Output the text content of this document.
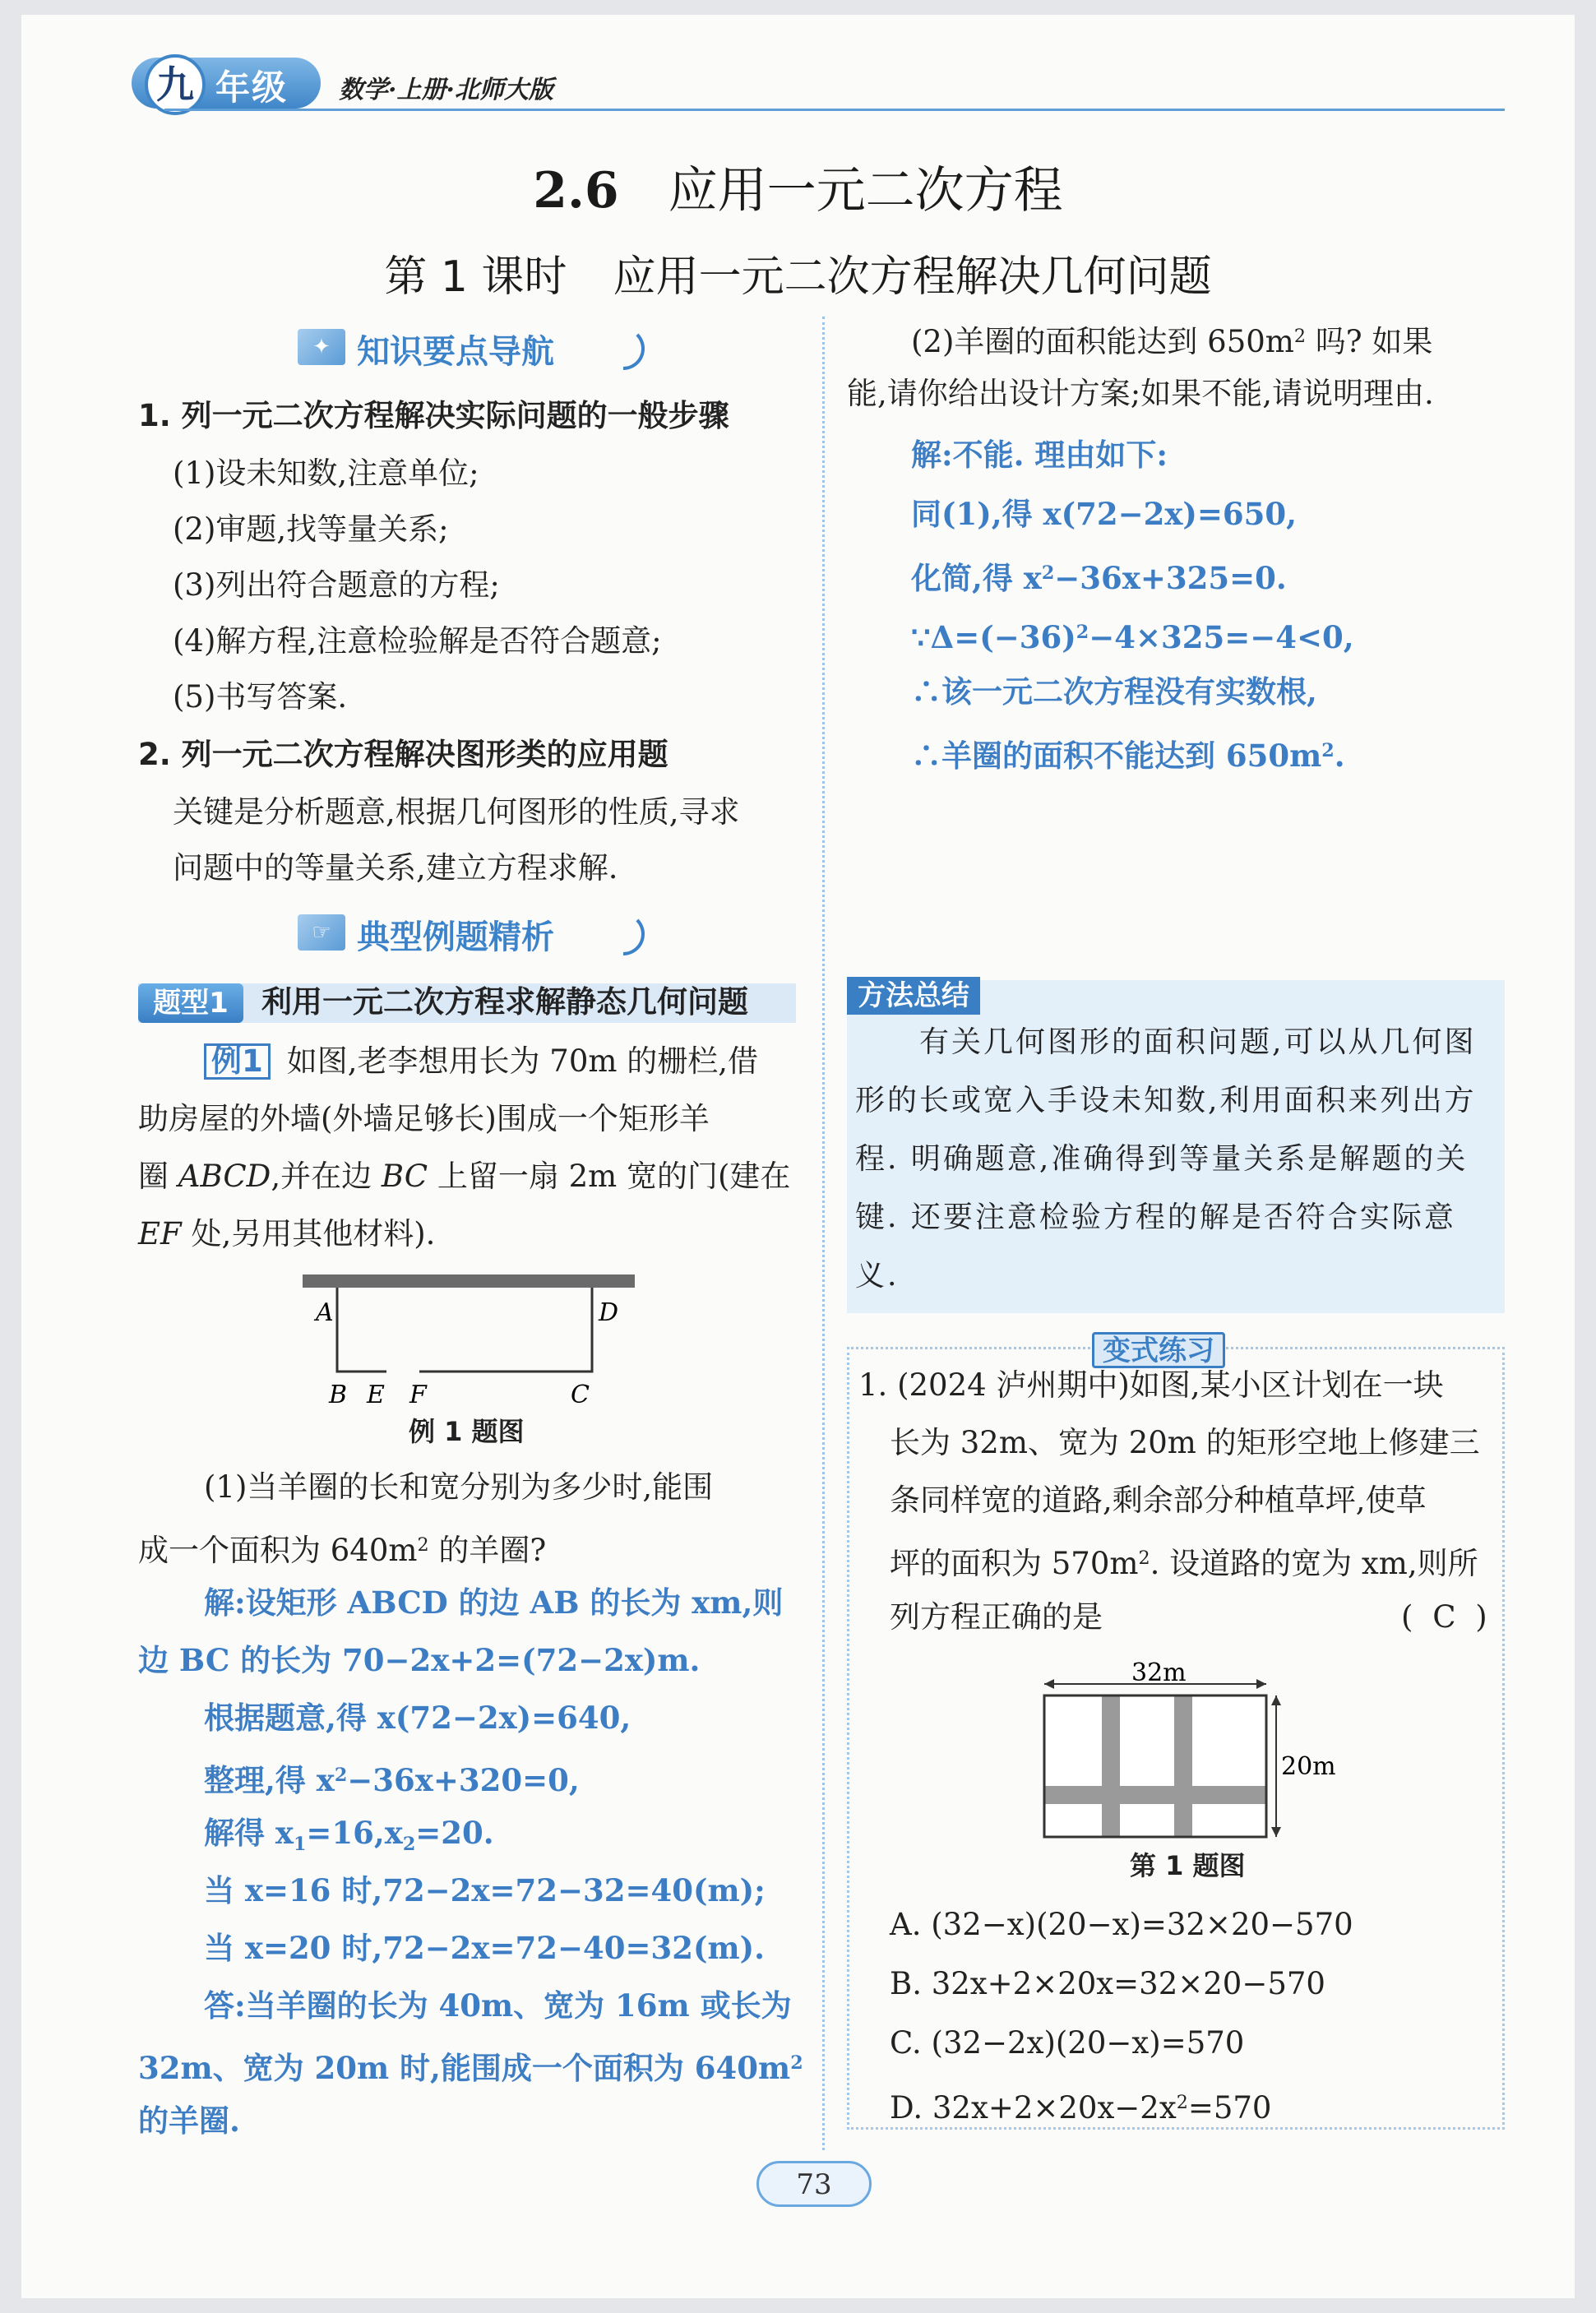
九 年级 数学·上册·北师大版
2.6 应用一元二次方程
第 1 课时 应用一元二次方程解决几何问题
✦ 知识要点导航
1. 列一元二次方程解决实际问题的一般步骤
(1)设未知数,注意单位;
(2)审题,找等量关系;
(3)列出符合题意的方程;
(4)解方程,注意检验解是否符合题意;
(5)书写答案.
2. 列一元二次方程解决图形类的应用题
关键是分析题意,根据几何图形的性质,寻求
问题中的等量关系,建立方程求解.
☞ 典型例题精析
题型1	利用一元二次方程求解静态几何问题
例1 如图,老李想用长为 70m 的栅栏,借
助房屋的外墙(外墙足够长)围成一个矩形羊
圈 ABCD,并在边 BC 上留一扇 2m 宽的门(建在
EF 处,另用其他材料).
A	D
B E F	C
例 1 题图
(1)当羊圈的长和宽分别为多少时,能围
成一个面积为 $640m^2$ 的羊圈?
解:设矩形 ABCD 的边 AB 的长为 xm,则
边 BC 的长为 70−2x+2=(72−2x)m.
根据题意,得 x(72−2x)=640,
整理,得 $x^2-36x+320=0$,
解得 $x_1=16,x_2=20$.
当 x=16 时,72−2x=72−32=40(m);
当 x=20 时,72−2x=72−40=32(m).
答:当羊圈的长为 40m、宽为 16m 或长为
32m、宽为 20m 时,能围成一个面积为 $640m^2$
的羊圈.
(2)羊圈的面积能达到 $650m^2$ 吗? 如果
能,请你给出设计方案;如果不能,请说明理由.
解:不能. 理由如下:
同(1),得 x(72−2x)=650,
化简,得 $x^2-36x+325=0$.
$\because\Delta=(-36)^2-4\times 325=-4<0$,
∴该一元二次方程没有实数根,
∴羊圈的面积不能达到 $650m^2$.
方法总结
有关几何图形的面积问题,可以从几何图形的长或宽入手设未知数,利用面积来列出方程. 明确题意,准确得到等量关系是解题的关键. 还要注意检验方程的解是否符合实际意义.
变式练习
1. (2024 泸州期中)如图,某小区计划在一块
长为 32m、宽为 20m 的矩形空地上修建三
条同样宽的道路,剩余部分种植草坪,使草
坪的面积为 $570m^2$. 设道路的宽为 xm,则所
列方程正确的是	( C )
32m
20m
第 1 题图
A. (32−x)(20−x)=32×20−570
B. 32x+2×20x=32×20−570
C. (32−2x)(20−x)=570
D. $32x+2\times 20x-2x^2=570$
73
